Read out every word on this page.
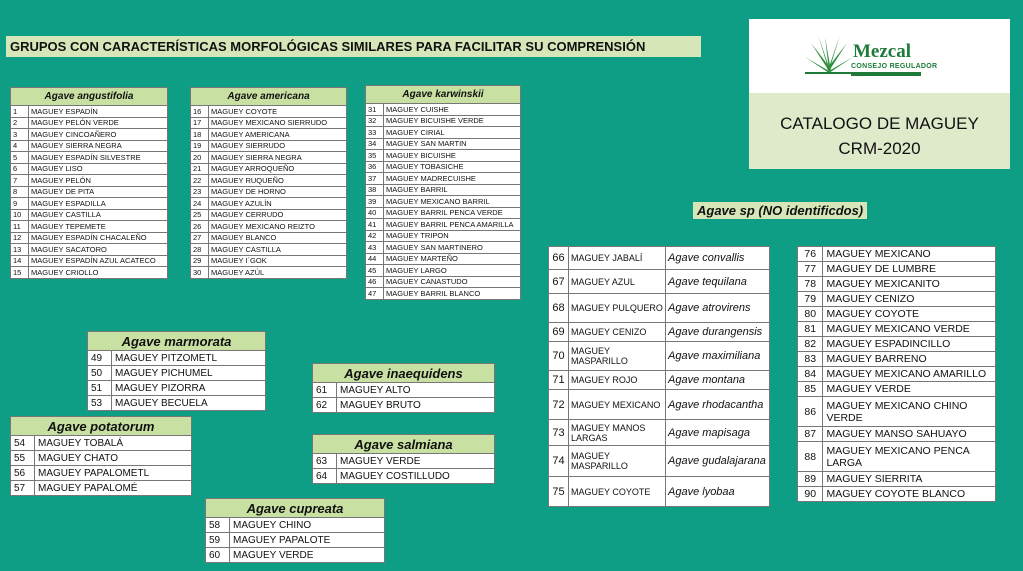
GRUPOS CON CARACTERÍSTICAS MORFOLÓGICAS SIMILARES PARA FACILITAR SU COMPRENSIÓN	Mezcal
CONSEJO REGULADOR
CATALOGO DE MAGUEY
CRM-2020
Agave angustifolia	
1	MAGUEY ESPADÍN
2	MAGUEY PELÓN VERDE
3	MAGUEY CINCOAÑERO
4	MAGUEY SIERRA NEGRA
5	MAGUEY ESPADÍN SILVESTRE
6	MAGUEY LISO
7	MAGUEY PELÓN
8	MAGUEY DE PITA
9	MAGUEY ESPADILLA
10	MAGUEY CASTILLA
11	MAGUEY TEPEMETE
12	MAGUEY ESPADÍN CHACALEÑO
13	MAGUEY SACATORO
14	MAGUEY ESPADÍN AZUL ACATECO
15	MAGUEY CRIOLLO
Agave americana	
16	MAGUEY COYOTE
17	MAGUEY MEXICANO SIERRUDO
18	MAGUEY AMERICANA
19	MAGUEY SIERRUDO
20	MAGUEY SIERRA NEGRA
21	MAGUEY ARROQUEÑO
22	MAGUEY RUQUEÑO
23	MAGUEY DE HORNO
24	MAGUEY AZULÍN
25	MAGUEY CERRUDO
26	MAGUEY MEXICANO REIZTO
27	MAGUEY BLANCO
28	MAGUEY CASTILLA
29	MAGUEY I´GOK
30	MAGUEY AZÚL
Agave karwinskii	
31	MAGUEY CUISHE
32	MAGUEY BICUISHE VERDE
33	MAGUEY CIRIAL
34	MAGUEY SAN MARTIN
35	MAGUEY BICUISHE
36	MAGUEY TOBASICHE
37	MAGUEY MADRECUISHE
38	MAGUEY BARRIL
39	MAGUEY MEXICANO BARRIL
40	MAGUEY BARRIL PENCA VERDE
41	MAGUEY BARRIL PENCA AMARILLA
42	MAGUEY TRIPON
43	MAGUEY SAN MARTINERO
44	MAGUEY MARTEÑO
45	MAGUEY LARGO
46	MAGUEY CANASTUDO
47	MAGUEY BARRIL BLANCO
Agave marmorata	
49	MAGUEY PITZOMETL
50	MAGUEY PICHUMEL
51	MAGUEY PIZORRA
53	MAGUEY BECUELA
Agave potatorum	
54	MAGUEY TOBALÁ
55	MAGUEY CHATO
56	MAGUEY PAPALOMETL
57	MAGUEY PAPALOMÉ
Agave inaequidens	
61	MAGUEY ALTO
62	MAGUEY BRUTO
Agave salmiana	
63	MAGUEY VERDE
64	MAGUEY COSTILLUDO
Agave cupreata	
58	MAGUEY CHINO
59	MAGUEY PAPALOTE
60	MAGUEY VERDE
Agave sp (NO identificdos)
66	MAGUEY JABALÍ	Agave convallis
67	MAGUEY AZUL	Agave tequilana
68	MAGUEY PULQUERO	Agave atrovirens
69	MAGUEY CENIZO	Agave durangensis
70	MAGUEY MASPARILLO	Agave maximiliana
71	MAGUEY ROJO	Agave montana
72	MAGUEY MEXICANO	Agave rhodacantha
73	MAGUEY MANOS LARGAS	Agave mapisaga
74	MAGUEY MASPARILLO	Agave gudalajarana
75	MAGUEY COYOTE	Agave lyobaa
76	MAGUEY MEXICANO
77	MAGUEY DE LUMBRE
78	MAGUEY MEXICANITO
79	MAGUEY CENIZO
80	MAGUEY COYOTE
81	MAGUEY MEXICANO VERDE
82	MAGUEY ESPADINCILLO
83	MAGUEY BARRENO
84	MAGUEY MEXICANO AMARILLO
85	MAGUEY VERDE
86	MAGUEY MEXICANO CHINO VERDE
87	MAGUEY MANSO SAHUAYO
88	MAGUEY MEXICANO PENCA LARGA
89	MAGUEY SIERRITA
90	MAGUEY COYOTE BLANCO
